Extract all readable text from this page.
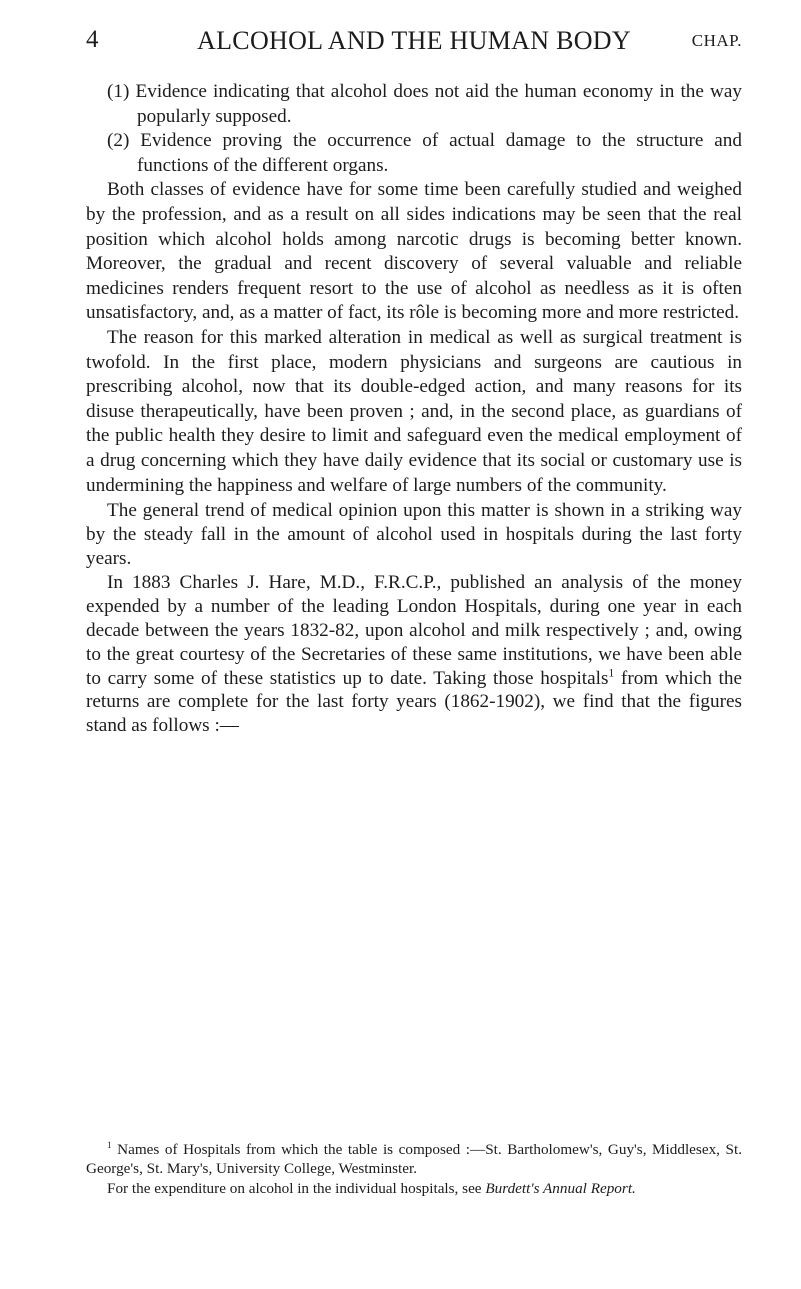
4	ALCOHOL AND THE HUMAN BODY	CHAP.

(1) Evidence indicating that alcohol does not aid the human economy in the way popularly supposed.

(2) Evidence proving the occurrence of actual damage to the structure and functions of the different organs.

Both classes of evidence have for some time been carefully studied and weighed by the profession, and as a result on all sides indications may be seen that the real position which alcohol holds among narcotic drugs is becoming better known. Moreover, the gradual and recent discovery of several valuable and reliable medicines renders frequent resort to the use of alcohol as needless as it is often unsatisfactory, and, as a matter of fact, its rôle is becoming more and more restricted.

The reason for this marked alteration in medical as well as surgical treatment is twofold. In the first place, modern physicians and surgeons are cautious in prescribing alcohol, now that its double-edged action, and many reasons for its disuse therapeutically, have been proven ; and, in the second place, as guardians of the public health they desire to limit and safeguard even the medical employment of a drug concerning which they have daily evidence that its social or customary use is undermining the happiness and welfare of large numbers of the community.

The general trend of medical opinion upon this matter is shown in a striking way by the steady fall in the amount of alcohol used in hospitals during the last forty years.

In 1883 Charles J. Hare, M.D., F.R.C.P., published an analysis of the money expended by a number of the leading London Hospitals, during one year in each decade between the years 1832-82, upon alcohol and milk respectively ; and, owing to the great courtesy of the Secretaries of these same institutions, we have been able to carry some of these statistics up to date. Taking those hospitals$^1$ from which the returns are complete for the last forty years (1862-1902), we find that the figures stand as follows :—

$^1$ Names of Hospitals from which the table is composed :—St. Bartholomew's, Guy's, Middlesex, St. George's, St. Mary's, University College, Westminster.

For the expenditure on alcohol in the individual hospitals, see Burdett's Annual Report.
